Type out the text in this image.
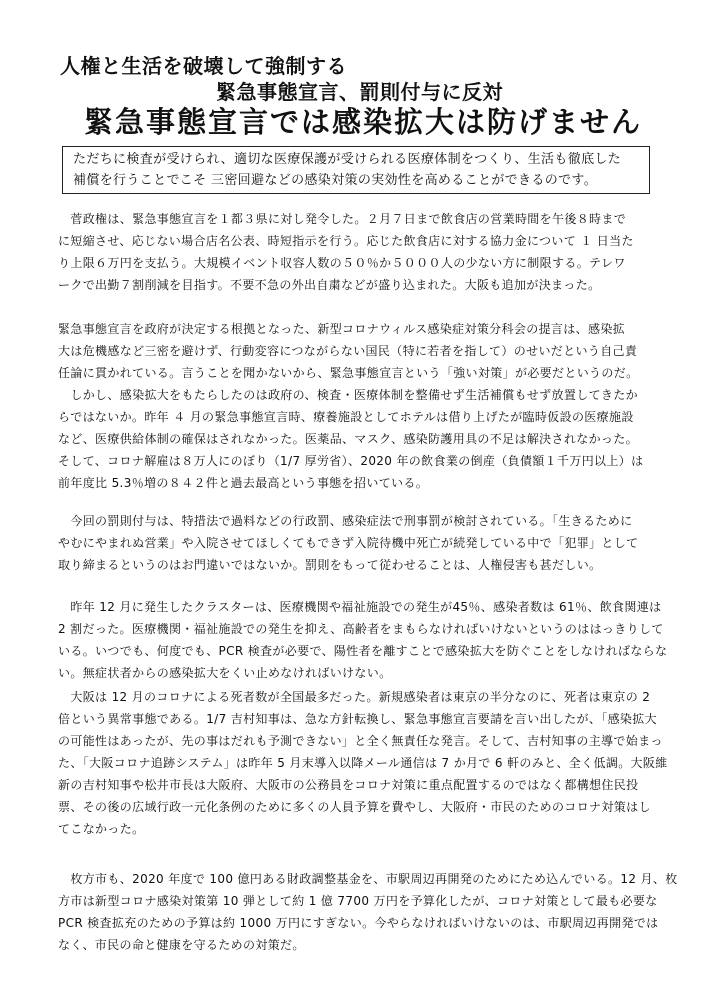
人権と生活を破壊して強制する
緊急事態宣言、罰則付与に反対
緊急事態宣言では感染拡大は防げません
ただちに検査が受けられ、適切な医療保護が受けられる医療体制をつくり、生活も徹底した
補償を行うことでこそ 三密回避などの感染対策の実効性を高めることができるのです。
　菅政権は、緊急事態宣言を１都３県に対し発令した。２月７日まで飲食店の営業時間を午後８時まで
に短縮させ、応じない場合店名公表、時短指示を行う。応じた飲食店に対する協力金について １ 日当た
り上限６万円を支払う。大規模イベント収容人数の５０％か５０００人の少ない方に制限する。テレワ
ークで出勤７割削減を目指す。不要不急の外出自粛などが盛り込まれた。大阪も追加が決まった。
緊急事態宣言を政府が決定する根拠となった、新型コロナウィルス感染症対策分科会の提言は、感染拡
大は危機感など三密を避けず、行動変容につながらない国民（特に若者を指して）のせいだという自己責
任論に貫かれている。言うことを聞かないから、緊急事態宣言という「強い対策」が必要だというのだ。
　しかし、感染拡大をもたらしたのは政府の、検査・医療体制を整備せず生活補償もせず放置してきたか
らではないか。昨年 ４ 月の緊急事態宣言時、療養施設としてホテルは借り上げたが臨時仮設の医療施設
など、医療供給体制の確保はされなかった。医薬品、マスク、感染防護用具の不足は解決されなかった。
そして、コロナ解雇は８万人にのぼり（1/7 厚労省）、2020 年の飲食業の倒産（負債額１千万円以上）は
前年度比 5.3％増の８４２件と過去最高という事態を招いている。
　今回の罰則付与は、特措法で過料などの行政罰、感染症法で刑事罰が検討されている。「生きるために
やむにやまれぬ営業」や入院させてほしくてもできず入院待機中死亡が続発している中で「犯罪」として
取り締まるというのはお門違いではないか。罰則をもって従わせることは、人権侵害も甚だしい。
　昨年 12 月に発生したクラスターは、医療機関や福祉施設での発生が45％、感染者数は 61％、飲食関連は
2 割だった。医療機関・福祉施設での発生を抑え、高齢者をまもらなければいけないというのははっきりして
いる。いつでも、何度でも、PCR 検査が必要で、陽性者を離すことで感染拡大を防ぐことをしなければならな
い。無症状者からの感染拡大をくい止めなければいけない。
　大阪は 12 月のコロナによる死者数が全国最多だった。新規感染者は東京の半分なのに、死者は東京の 2
倍という異常事態である。1/7 吉村知事は、急な方針転換し、緊急事態宣言要請を言い出したが、「感染拡大
の可能性はあったが、先の事はだれも予測できない」と全く無責任な発言。そして、吉村知事の主導で始まっ
た、「大阪コロナ追跡システム」は昨年 5 月末導入以降メール通信は 7 か月で 6 軒のみと、全く低調。大阪維
新の吉村知事や松井市長は大阪府、大阪市の公務員をコロナ対策に重点配置するのではなく都構想住民投
票、その後の広域行政一元化条例のために多くの人員予算を費やし、大阪府・市民のためのコロナ対策はし
てこなかった。
　枚方市も、2020 年度で 100 億円ある財政調整基金を、市駅周辺再開発のためにため込んでいる。12 月、枚
方市は新型コロナ感染対策第 10 弾として約 1 億 7700 万円を予算化したが、コロナ対策として最も必要な
PCR 検査拡充のための予算は約 1000 万円にすぎない。今やらなければいけないのは、市駅周辺再開発では
なく、市民の命と健康を守るための対策だ。
